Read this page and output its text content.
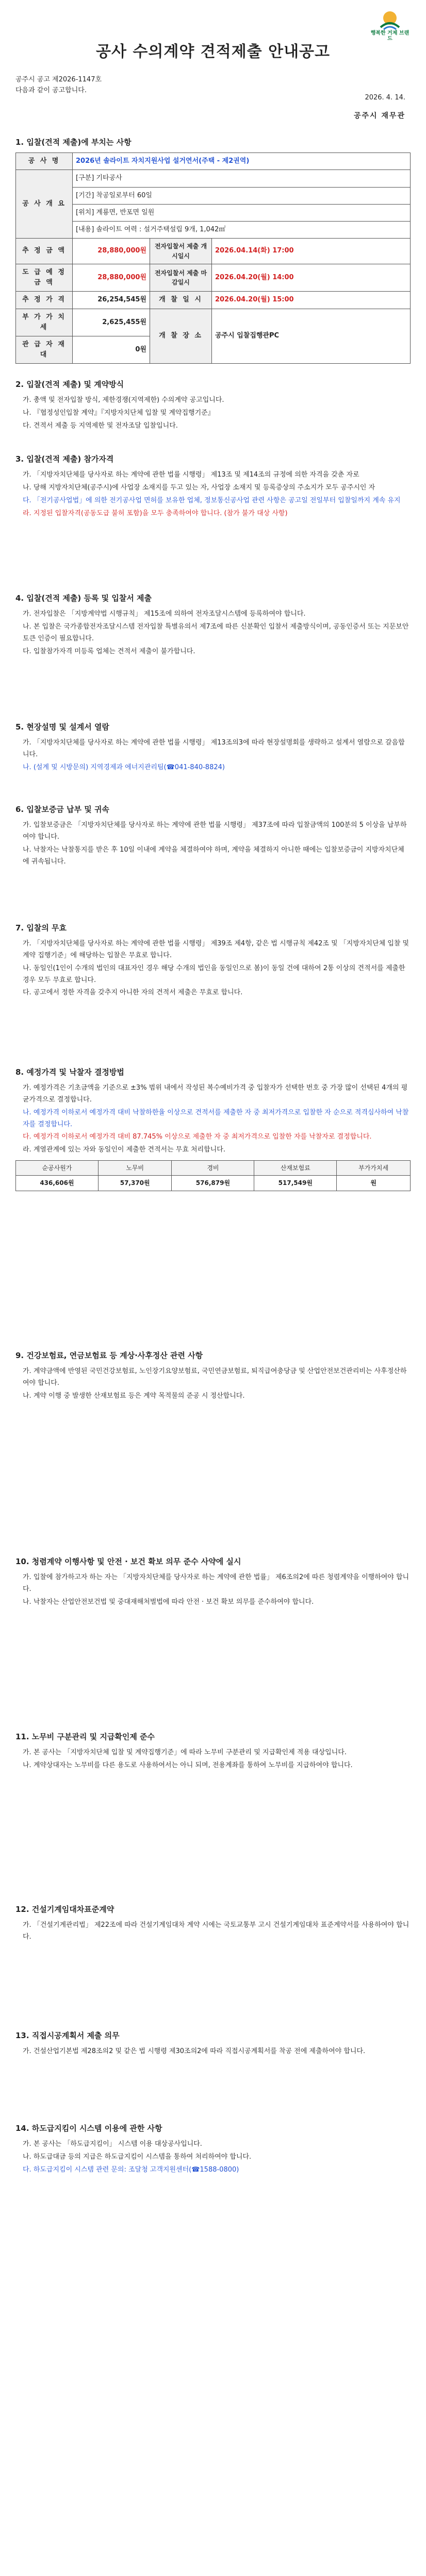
행복한 거제 브랜드
공사 수의계약 견적제출 안내공고
공주시 공고 제2026-1147호
다음과 같이 공고합니다.
2026. 4. 14.
공주시 재무관
1. 입찰(견적 제출)에 부치는 사항
공 사 명	2026년 솔라이트 자치지원사업 설거연서(주택 - 제2권역)		
공 사 개 요	[구분] 기타공사		
	[기간] 착공일로부터 60일		
	[위치] 계룡면, 반포면 일원		
	[내용] 솔라이트 여력 : 설거주택설립 9개, 1,042㎡		
추 정 금 액	28,880,000원	전자입찰서 제출 개시일시	2026.04.14(화) 17:00
도 급 예 정 금 액	28,880,000원	전자입찰서 제출 마감일시	2026.04.20(월) 14:00
추 정 가 격	26,254,545원	개 찰 일 시	2026.04.20(월) 15:00
부 가 가 치 세	2,625,455원	개 찰 장 소	공주시 입찰집행관PC
관 급 자 재 대	0원		
2. 입찰(견적 제출) 및 계약방식

가. 총액 및 전자입찰 방식, 제한경쟁(지역제한) 수의계약 공고입니다.

나. 『협정성인입찰 계약』『지방자치단체 입찰 및 계약집행기준』

다. 견적서 제출 등 지역제한 및 전자조달 입찰입니다.

3. 입찰(견적 제출) 참가자격

가. 「지방자치단체를 당사자로 하는 계약에 관한 법률 시행령」 제13조 및 제14조의 규정에 의한 자격을 갖춘 자로

나. 당해 지방자치단체(공주시)에 사업장 소재지를 두고 있는 자, 사업장 소재지 및 등록증상의 주소지가 모두 공주시인 자

다. 「전기공사업법」에 의한 전기공사업 면허를 보유한 업체, 정보통신공사업 관련 사항은 공고일 전일부터 입찰일까지 계속 유지

라. 지정된 입찰자격(공동도급 불허 포함)을 모두 충족하여야 합니다. (참가 불가 대상 사항)

4. 입찰(견적 제출) 등록 및 입찰서 제출

가. 전자입찰은 「지방계약법 시행규칙」 제15조에 의하여 전자조달시스템에 등록하여야 합니다.

나. 본 입찰은 국가종합전자조달시스템 전자입찰 특별유의서 제7조에 따른 신분확인 입찰서 제출방식이며, 공동인증서 또는 지문보안토큰 인증이 필요합니다.

다. 입찰참가자격 미등록 업체는 견적서 제출이 불가합니다.

5. 현장설명 및 설계서 열람

가. 「지방자치단체를 당사자로 하는 계약에 관한 법률 시행령」 제13조의3에 따라 현장설명회를 생략하고 설계서 열람으로 갈음합니다.

나. (설계 및 시방문의) 지역경제과 에너지관리팀(☎041-840-8824)

6. 입찰보증금 납부 및 귀속

가. 입찰보증금은 「지방자치단체를 당사자로 하는 계약에 관한 법률 시행령」 제37조에 따라 입찰금액의 100분의 5 이상을 납부하여야 합니다.

나. 낙찰자는 낙찰통지를 받은 후 10일 이내에 계약을 체결하여야 하며, 계약을 체결하지 아니한 때에는 입찰보증금이 지방자치단체에 귀속됩니다.

7. 입찰의 무효

가. 「지방자치단체를 당사자로 하는 계약에 관한 법률 시행령」 제39조 제4항, 같은 법 시행규칙 제42조 및 「지방자치단체 입찰 및 계약 집행기준」에 해당하는 입찰은 무효로 합니다.

나. 동일인(1인이 수개의 법인의 대표자인 경우 해당 수개의 법인을 동일인으로 봄)이 동일 건에 대하여 2통 이상의 견적서를 제출한 경우 모두 무효로 합니다.

다. 공고에서 정한 자격을 갖추지 아니한 자의 견적서 제출은 무효로 합니다.

8. 예정가격 및 낙찰자 결정방법

가. 예정가격은 기초금액을 기준으로 ±3% 범위 내에서 작성된 복수예비가격 중 입찰자가 선택한 번호 중 가장 많이 선택된 4개의 평균가격으로 결정합니다.

나. 예정가격 이하로서 예정가격 대비 낙찰하한율 이상으로 견적서를 제출한 자 중 최저가격으로 입찰한 자 순으로 적격심사하여 낙찰자를 결정합니다.

다. 예정가격 이하로서 예정가격 대비 87.745% 이상으로 제출한 자 중 최저가격으로 입찰한 자를 낙찰자로 결정합니다.

라. 계열관계에 있는 자와 동일인이 제출한 견적서는 무효 처리합니다.

순공사원가	노무비	경비	산재보험료	부가가치세
436,606원	57,370원	576,879원	517,549원	원
9. 건강보험료, 연금보험료 등 계상·사후정산 관련 사항

가. 계약금액에 반영된 국민건강보험료, 노인장기요양보험료, 국민연금보험료, 퇴직급여충당금 및 산업안전보건관리비는 사후정산하여야 합니다.

나. 계약 이행 중 발생한 산재보험료 등은 계약 목적물의 준공 시 정산합니다.

10. 청렴계약 이행사항 및 안전 · 보건 확보 의무 준수 사약에 실시

가. 입찰에 참가하고자 하는 자는 「지방자치단체를 당사자로 하는 계약에 관한 법률」 제6조의2에 따른 청렴계약을 이행하여야 합니다.

나. 낙찰자는 산업안전보건법 및 중대재해처벌법에 따라 안전 · 보건 확보 의무를 준수하여야 합니다.

11. 노무비 구분관리 및 지급확인제 준수

가. 본 공사는 「지방자치단체 입찰 및 계약집행기준」에 따라 노무비 구분관리 및 지급확인제 적용 대상입니다.

나. 계약상대자는 노무비를 다른 용도로 사용하여서는 아니 되며, 전용계좌를 통하여 노무비를 지급하여야 합니다.

12. 건설기계임대차표준계약

가. 「건설기계관리법」 제22조에 따라 건설기계임대차 계약 시에는 국토교통부 고시 건설기계임대차 표준계약서를 사용하여야 합니다.

13. 직접시공계획서 제출 의무

가. 건설산업기본법 제28조의2 및 같은 법 시행령 제30조의2에 따라 직접시공계획서를 착공 전에 제출하여야 합니다.

14. 하도급지킴이 시스템 이용에 관한 사항

가. 본 공사는 「하도급지킴이」 시스템 이용 대상공사입니다.

나. 하도급대금 등의 지급은 하도급지킴이 시스템을 통하여 처리하여야 합니다.

다. 하도급지킴이 시스템 관련 문의: 조달청 고객지원센터(☎1588-0800)
